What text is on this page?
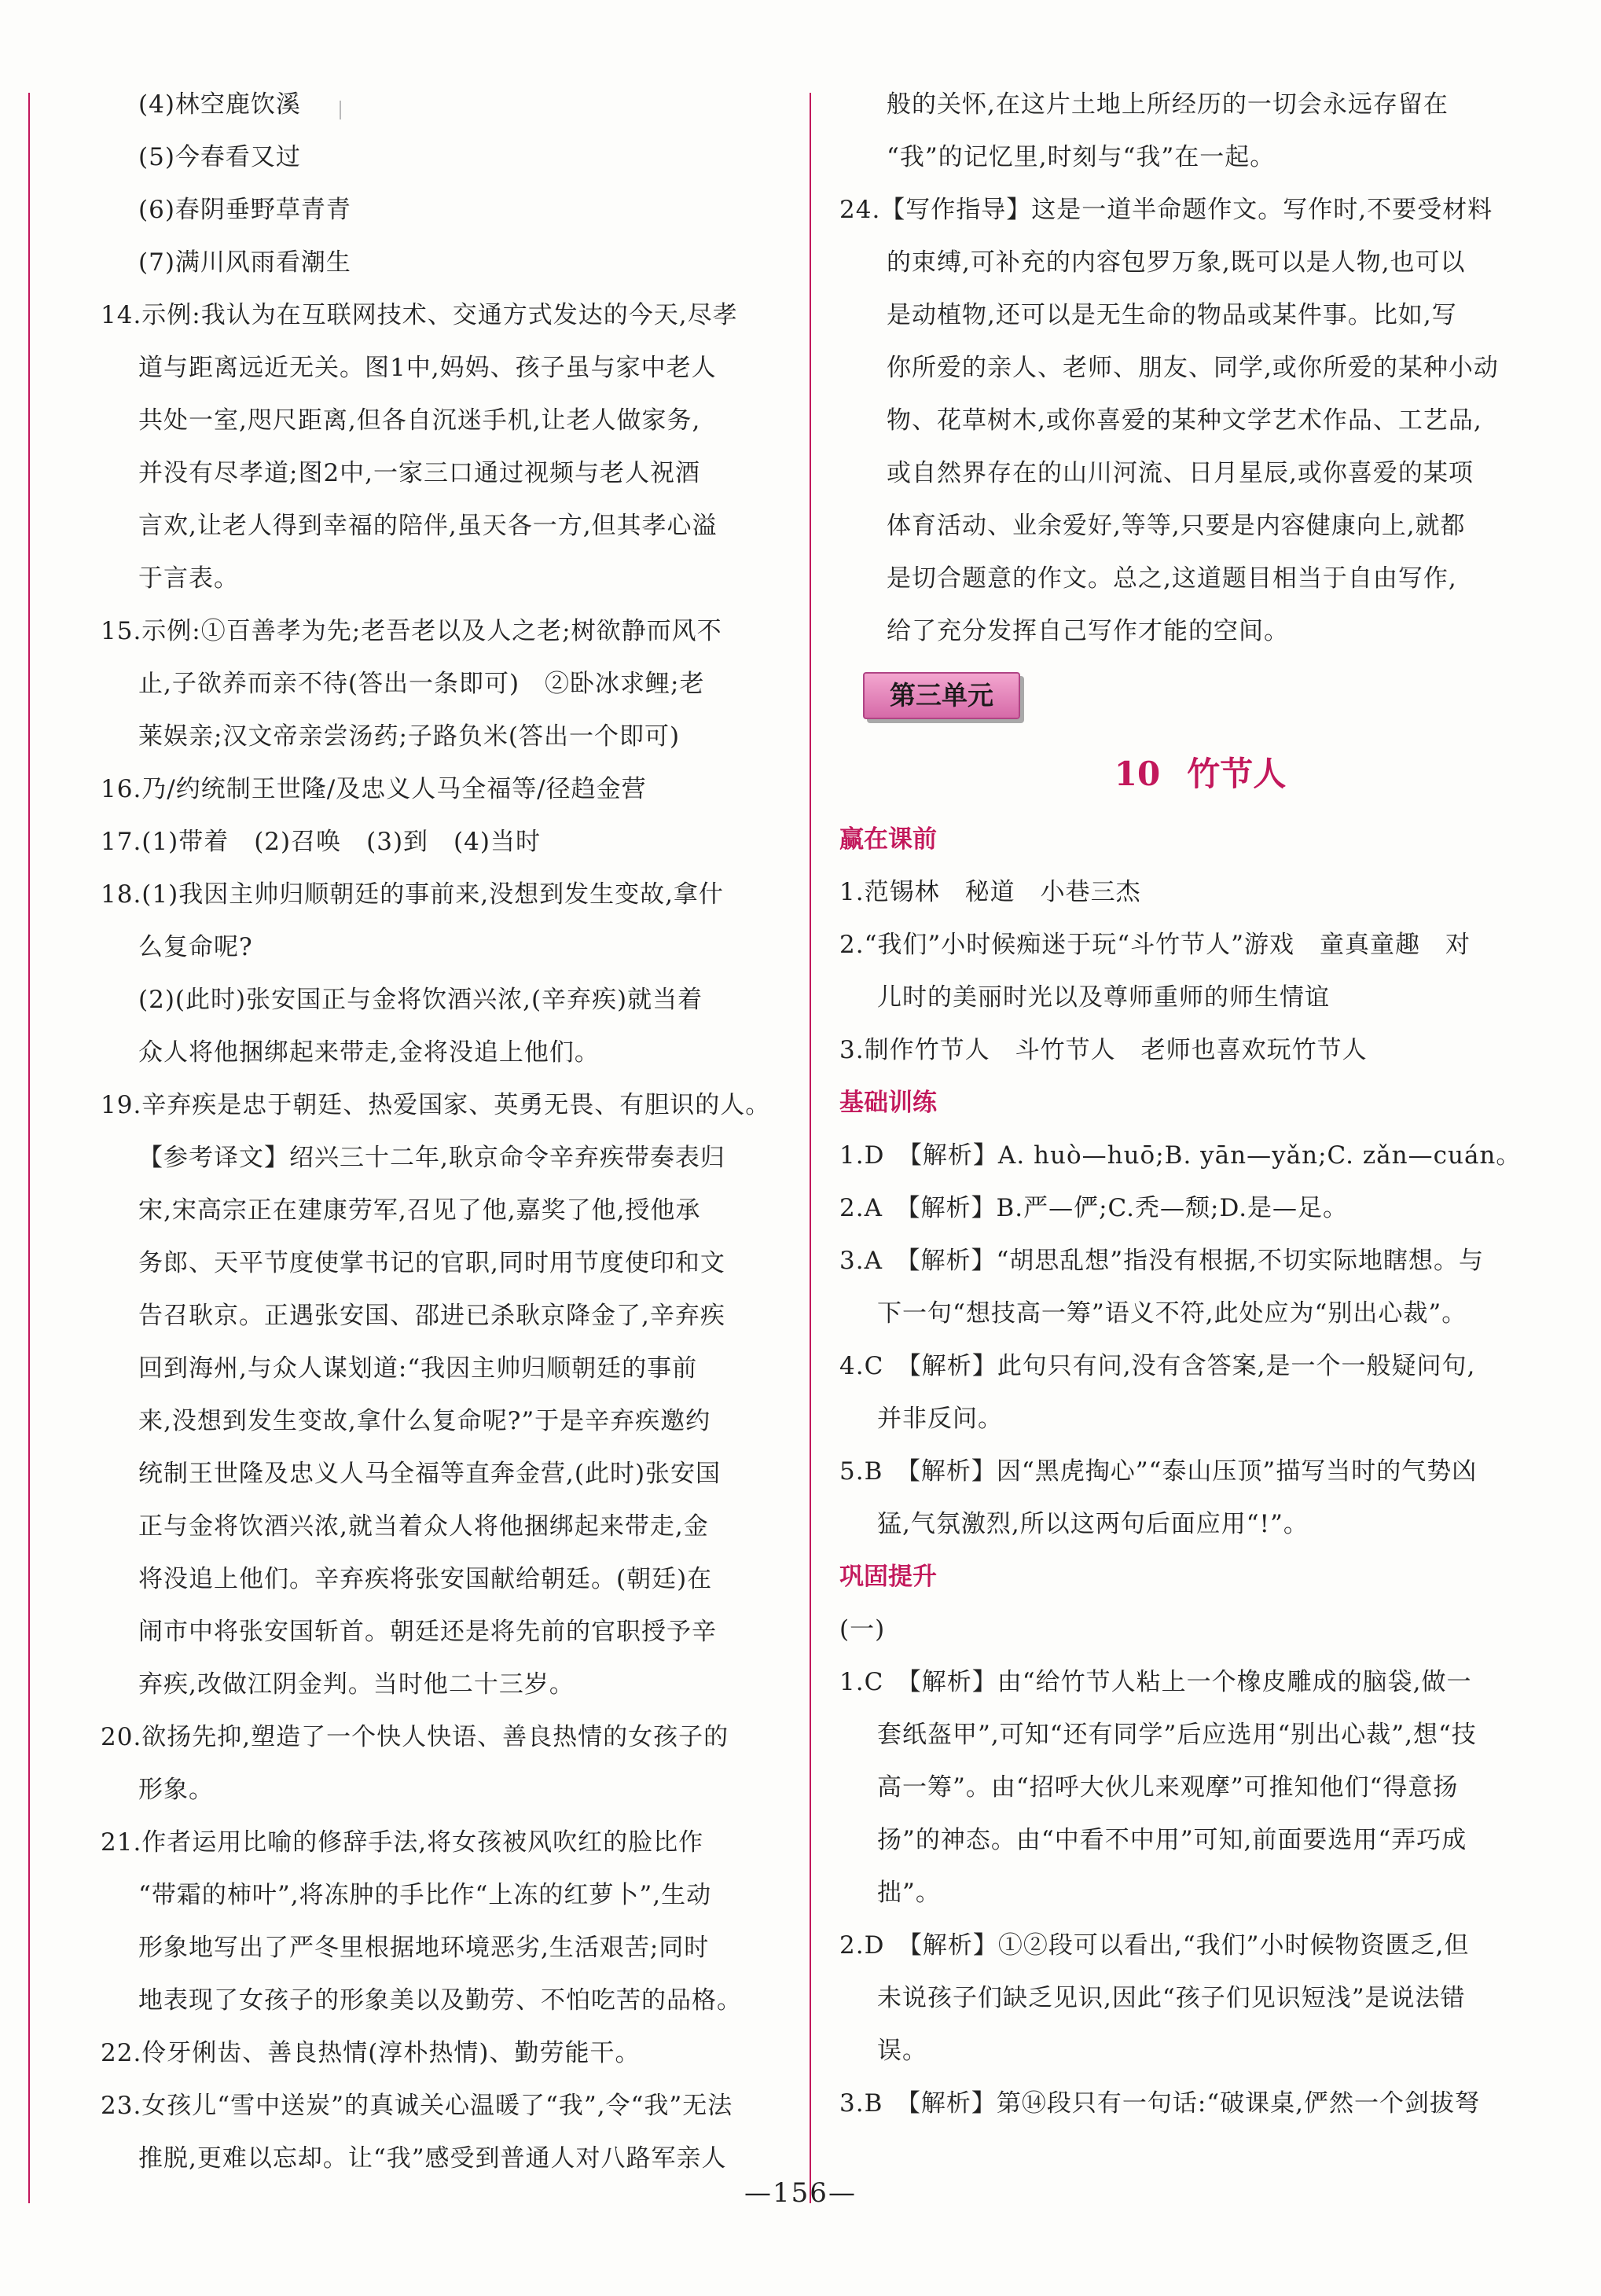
(4)林空鹿饮溪
(5)今春看又过
(6)春阴垂野草青青
(7)满川风雨看潮生
14.示例:我认为在互联网技术、交通方式发达的今天,尽孝
道与距离远近无关。图1中,妈妈、孩子虽与家中老人
共处一室,咫尺距离,但各自沉迷手机,让老人做家务,
并没有尽孝道;图2中,一家三口通过视频与老人祝酒
言欢,让老人得到幸福的陪伴,虽天各一方,但其孝心溢
于言表。
15.示例:①百善孝为先;老吾老以及人之老;树欲静而风不
止,子欲养而亲不待(答出一条即可)　②卧冰求鲤;老
莱娱亲;汉文帝亲尝汤药;子路负米(答出一个即可)
16.乃/约统制王世隆/及忠义人马全福等/径趋金营
17.(1)带着　(2)召唤　(3)到　(4)当时
18.(1)我因主帅归顺朝廷的事前来,没想到发生变故,拿什
么复命呢?
(2)(此时)张安国正与金将饮酒兴浓,(辛弃疾)就当着
众人将他捆绑起来带走,金将没追上他们。
19.辛弃疾是忠于朝廷、热爱国家、英勇无畏、有胆识的人。
【参考译文】绍兴三十二年,耿京命令辛弃疾带奏表归
宋,宋高宗正在建康劳军,召见了他,嘉奖了他,授他承
务郎、天平节度使掌书记的官职,同时用节度使印和文
告召耿京。正遇张安国、邵进已杀耿京降金了,辛弃疾
回到海州,与众人谋划道:“我因主帅归顺朝廷的事前
来,没想到发生变故,拿什么复命呢?”于是辛弃疾邀约
统制王世隆及忠义人马全福等直奔金营,(此时)张安国
正与金将饮酒兴浓,就当着众人将他捆绑起来带走,金
将没追上他们。辛弃疾将张安国献给朝廷。(朝廷)在
闹市中将张安国斩首。朝廷还是将先前的官职授予辛
弃疾,改做江阴金判。当时他二十三岁。
20.欲扬先抑,塑造了一个快人快语、善良热情的女孩子的
形象。
21.作者运用比喻的修辞手法,将女孩被风吹红的脸比作
“带霜的柿叶”,将冻肿的手比作“上冻的红萝卜”,生动
形象地写出了严冬里根据地环境恶劣,生活艰苦;同时
地表现了女孩子的形象美以及勤劳、不怕吃苦的品格。
22.伶牙俐齿、善良热情(淳朴热情)、勤劳能干。
23.女孩儿“雪中送炭”的真诚关心温暖了“我”,令“我”无法
推脱,更难以忘却。让“我”感受到普通人对八路军亲人
般的关怀,在这片土地上所经历的一切会永远存留在
“我”的记忆里,时刻与“我”在一起。
24.【写作指导】这是一道半命题作文。写作时,不要受材料
的束缚,可补充的内容包罗万象,既可以是人物,也可以
是动植物,还可以是无生命的物品或某件事。比如,写
你所爱的亲人、老师、朋友、同学,或你所爱的某种小动
物、花草树木,或你喜爱的某种文学艺术作品、工艺品,
或自然界存在的山川河流、日月星辰,或你喜爱的某项
体育活动、业余爱好,等等,只要是内容健康向上,就都
是切合题意的作文。总之,这道题目相当于自由写作,
给了充分发挥自己写作才能的空间。
第三单元
10 竹节人
赢在课前
1.范锡林　秘道　小巷三杰
2.“我们”小时候痴迷于玩“斗竹节人”游戏　童真童趣　对
儿时的美丽时光以及尊师重师的师生情谊
3.制作竹节人　斗竹节人　老师也喜欢玩竹节人
基础训练
1.D　【解析】A. huò—huō;B. yān—yǎn;C. zǎn—cuán。
2.A　【解析】B.严—俨;C.秃—颓;D.是—足。
3.A　【解析】“胡思乱想”指没有根据,不切实际地瞎想。与
下一句“想技高一筹”语义不符,此处应为“别出心裁”。
4.C　【解析】此句只有问,没有含答案,是一个一般疑问句,
并非反问。
5.B　【解析】因“黑虎掏心”“泰山压顶”描写当时的气势凶
猛,气氛激烈,所以这两句后面应用“!”。
巩固提升
(一)
1.C　【解析】由“给竹节人粘上一个橡皮雕成的脑袋,做一
套纸盔甲”,可知“还有同学”后应选用“别出心裁”,想“技
高一筹”。由“招呼大伙儿来观摩”可推知他们“得意扬
扬”的神态。由“中看不中用”可知,前面要选用“弄巧成
拙”。
2.D　【解析】①②段可以看出,“我们”小时候物资匮乏,但
未说孩子们缺乏见识,因此“孩子们见识短浅”是说法错
误。
3.B　【解析】第⑭段只有一句话:“破课桌,俨然一个剑拔弩
—156—
